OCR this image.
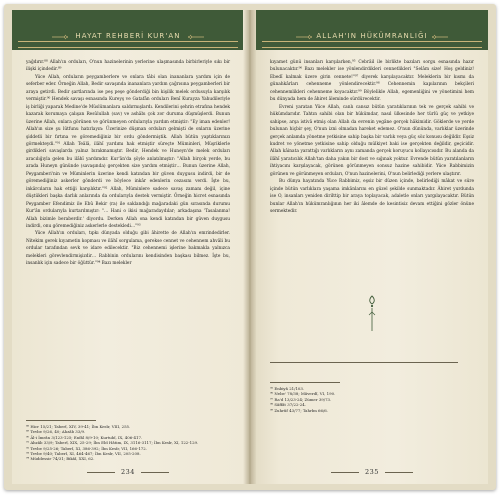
HAYAT REHBERİ KUR'AN

yağdırır.⁸⁸ Allah'ın orduları, O'nun hazinelerinin yerlerine ulaşmasında birbirleriyle sıkı bir ilişki içindedir.⁸⁹

Yüce Allah, orduların peygamberlere ve onlara tâbi olan inananlara yardım için de seferber eder. Örneğin Allah, Bedir savaşında inananlara yardım çağrısına peygamberleri bir araya getirdi. Bedir şartlarında ise peş peşe gönderdiği bin kişilik melek ordusuyla karşılık vermiştir.⁹⁰ Hendek savaşı esnasında Kureyş ve Gatafân orduları Benî Kurayza Yahudileriyle iş birliği yaparak Medine'de Müslümanlara saldırmışlardı. Kendilerini şehrin etrafına hendek kazarak korumaya çalışan Resûlullah (sav) ve ashâbı çok zor duruma düşmüşlerdi. Bunun üzerine Allah, onlara görünen ve görünmeyen ordularıyla yardım etmiştir: "Ey iman edenler! Allah'ın size şu lütfunu hatırlayın: Üzerinize düşman orduları gelmişti de onların üzerine şiddetli bir fırtına ve göremediğiniz bir ordu göndermiştik. Allah bütün yaptıklarınızı görmekteydi."⁹¹ Allah Teâlâ, ilâhî yardımı hak etmiştir süreçte Müminleri, Müşriklerle girdikleri savaşlarda yalnız bırakmamıştır. Bedir, Hendek ve Huneyn'de melek orduları aracılığıyla gelen bu ilâhî yardımdır. Kur'ân'da şöyle anlatılmıştır: "Allah birçok yerde, bu arada Huneyn gününde (savaşında) gerçekten size yardım etmiştir… Bunun üzerine Allah, Peygamberi'nin ve Müminlerin üzerine kendi katından bir güven duygusu indirdi, bir de göremediğiniz askerler gönderdi ve böylece inkâr edenlerin cezasını verdi. İşte bu, inkârcıların hak ettiği karşılıktır."⁹² Allah, Müminlere sadece savaş zamanı değil, içine düştükleri başka darlık anlarında da ordularıyla destek vermiştir. Örneğin hicret esnasında Peygamber Efendimiz ile Ebû Bekir (ra) ile saklandığı mağaradaki gün sırasında durumu Kur'ân ordularıyla kurtarılmıştır: "… Hani o ikisi mağaradaydılar; arkadaşına 'Tasalanma! Allah bizimle beraberdir.' diyordu. Derken Allah ona kendi katından bir güven duygusu indirdi, onu göremediğiniz askerlerle destekledi…"⁹³

Yüce Allah'ın orduları, tıpkı dünyada olduğu gibi âhirette de Allah'ın emrindedirler. Nitekim gerek kıyametin kopması ve ilâhî sorgulama, gerekse cennet ve cehennem ahvâli bu ordular tarafından sevk ve idare edilecektir. "Biz cehennemi işlerine bakmakla yalnızca melekleri görevlendirmişizdir… Rabbinin ordularını kendisinden başkası bilmez. İşte bu, insanlık için sadece bir öğüttür."⁹⁴ Bazı melekler

⁸⁸ Hicr 15/21; Taberî, XIV, 39-41; İbn Kesîr, VIII, 255.
⁸⁹ Tevbe 9/26, 40; Ahzâb 33/9.
⁹⁰ Âl-i İmrân 3/123-125; Enfâl 8/9-10; Kurtubî, IX, 406-417.
⁹¹ Ahzâb 33/9; Taberî, XIX, 25-29; İbn Ebî Hâtim, IX, 3116-3117; İbn Kesîr, XI, 122-129.
⁹² Tevbe 9/25-26; Taberî, XI, 386-392; İbn Kesîr, VII, 166-172.
⁹³ Tevbe 9/40; Taberî, XI, 464-467; İbn Kesîr, VII, 205-208.
⁹⁴ Müddessir 74/31; Bikâî, XXI, 62.
234
ALLAH'IN HÜKÜMRANLIĞI

kıyamet günü insanları karşılarken,⁹⁵ Cebrâil ile birlikte bazıları sorgu esnasında hazır bulunacaktır.⁹⁶ Bazı melekler ise yönlendirdikleri cennetlikleri "Selâm size! Hoş geldiniz! Ebedî kalmak üzere girin cennete!"⁹⁷ diyerek karşılayacaktır. Meleklerin bir kısmı da günahkârları cehenneme yönlendirecektir.⁹⁸ Cehennemin kapılarının bekçileri cehennemlikleri cehenneme koyacaktır.⁹⁹ Böylelikle Allah, egemenliğini ve yönetimini hem bu dünyada hem de âhiret âleminde sürdürecektir.

Evreni yaratan Yüce Allah, canlı cansız bütün yaratıklarının tek ve gerçek sahibi ve hükümdarıdır. Tahtın sahibi olan bir hükümdar, nasıl ülkesinde her türlü güç ve yetkiye sahipse, arşa istivâ etmiş olan Allah da evrenin yegâne gerçek hâkimidir. Göklerde ve yerde bulunan hiçbir şey, O'nun izni olmadan hareket edemez. O'nun dününda, varlıklar üzerinde gerçek anlamda yönetme yetkisine sahip başka bir varlık veya güç söz konusu değildir. Eşsiz kudret ve yönetme yetkisine sahip olduğu mülkiyet baki ise gerçekten değildir, geçicidir. Allah kâinata yarattığı varlıkların aynı zamanda gerçek koruyucu kollayıcısıdır. Bu alanda da ilâhî yaratıcılık Allah'tan daha yakın bir dost ve sığınak yoktur. Evrende bütün yaratılanların ihtiyacını karşılayacak, görünen görünmeyen sonsuz hazine sahibidir. Yüce Rabbimizin görünen ve görünmeyen orduları, O'nun hazinelerini, O'nun belirlediği yerlere ulaştırır.

Bu dünya hayatında Yüce Rabbimiz, eşsiz bir düzen içinde, belirlediği mâkat ve süre içinde bütün varlıklara yaşama imkânlarını en güzel şekilde sunmaktadır. Âhiret yurdunda ise O, insanları yeniden dirilttip bir araya toplayacak, adaletle onları yargılayacaktır. Bütün bunlar Allah'ın hükümranlığının her iki âlemde de kesintisiz devam ettiğini gözler önüne sermektedir.

⁹⁵ Enbiyâ 21/103.
⁹⁶ Nebe' 78/38; Mâverdî, VI, 190.
⁹⁷ Ra'd 13/23-24; Zümer 39/73.
⁹⁸ Sâffât 37/22-24.
⁹⁹ Zuhrûf 43/77; Tahrîm 66/6.
235
